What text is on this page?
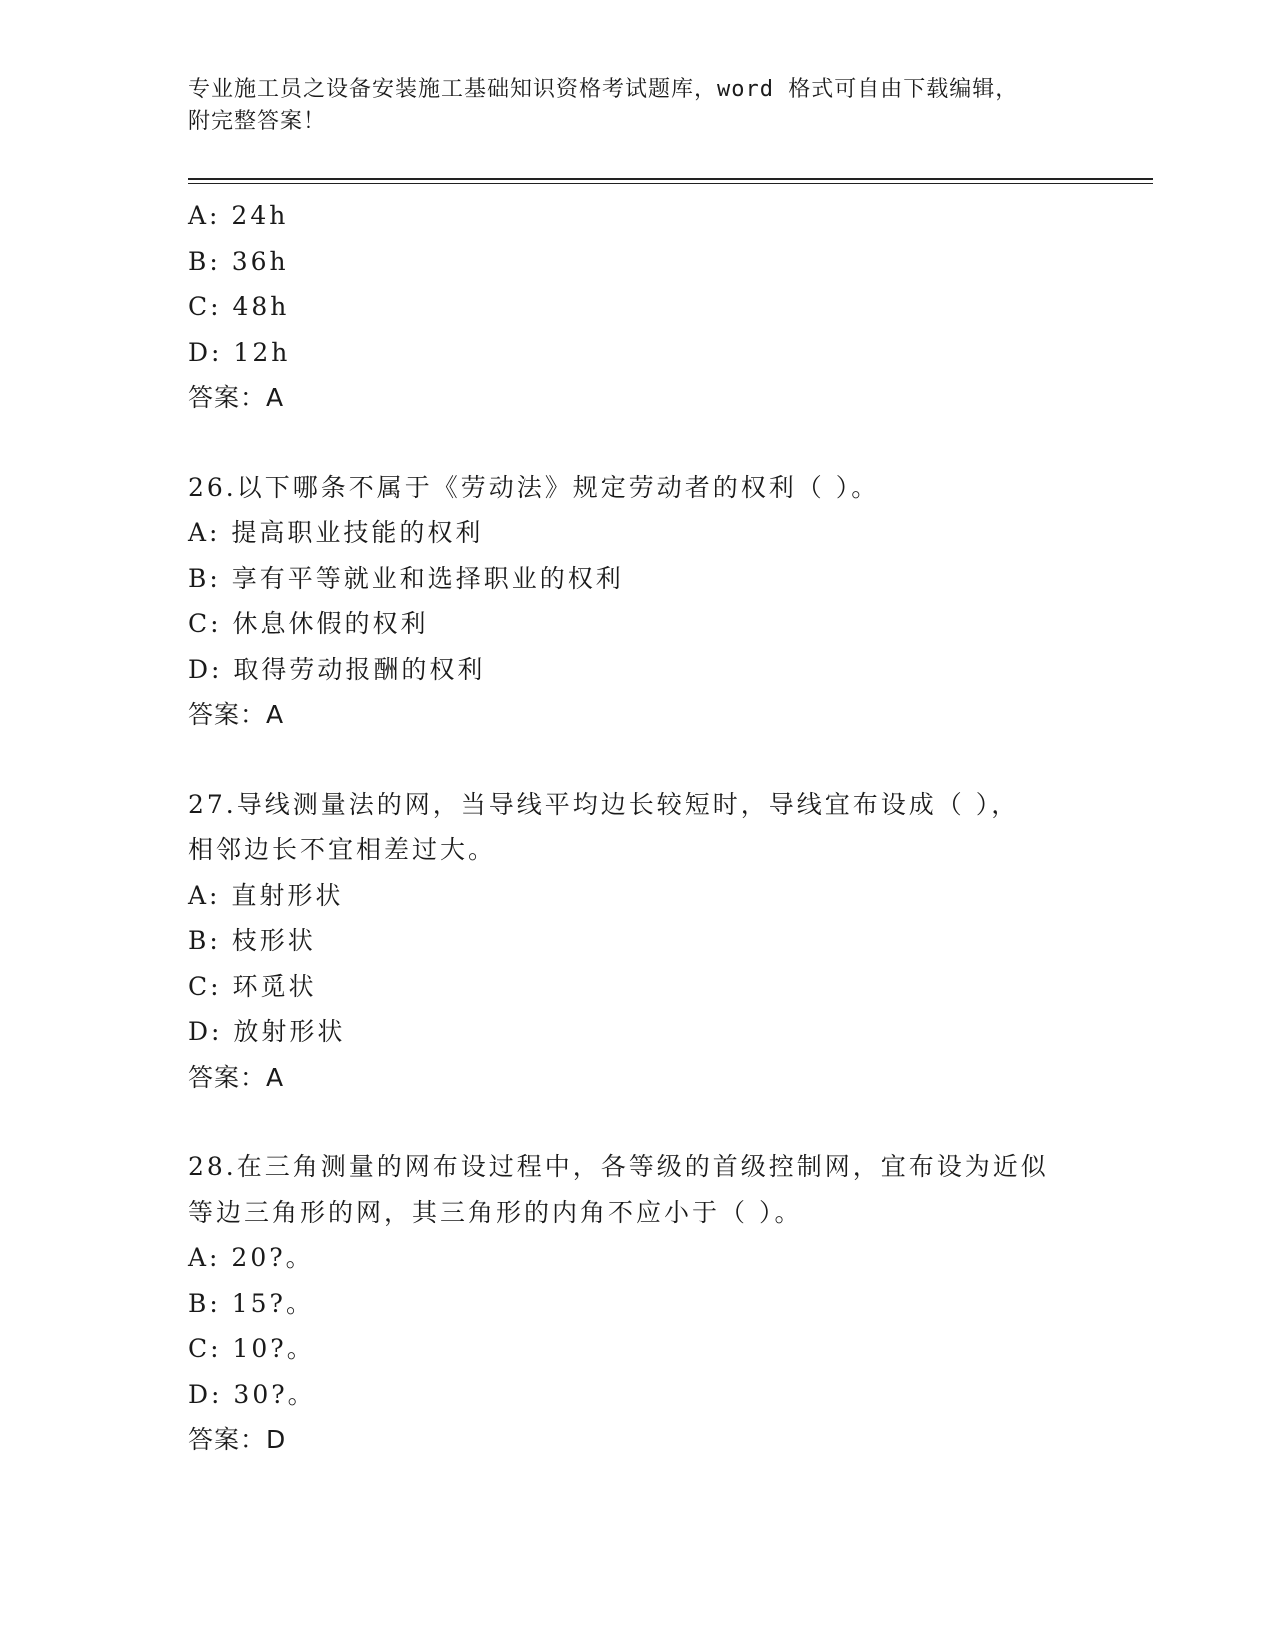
专业施工员之设备安装施工基础知识资格考试题库，word 格式可自由下载编辑，
附完整答案！
A: 24h
B: 36h
C: 48h
D: 12h
答案：A
26.以下哪条不属于《劳动法》规定劳动者的权利（ ）。
A: 提高职业技能的权利
B: 享有平等就业和选择职业的权利
C: 休息休假的权利
D: 取得劳动报酬的权利
答案：A
27.导线测量法的网，当导线平均边长较短时，导线宜布设成（ ），
相邻边长不宜相差过大。
A: 直射形状
B: 枝形状
C: 环觅状
D: 放射形状
答案：A
28.在三角测量的网布设过程中，各等级的首级控制网，宜布设为近似
等边三角形的网，其三角形的内角不应小于（ ）。
A: 20?。
B: 15?。
C: 10?。
D: 30?。
答案：D
